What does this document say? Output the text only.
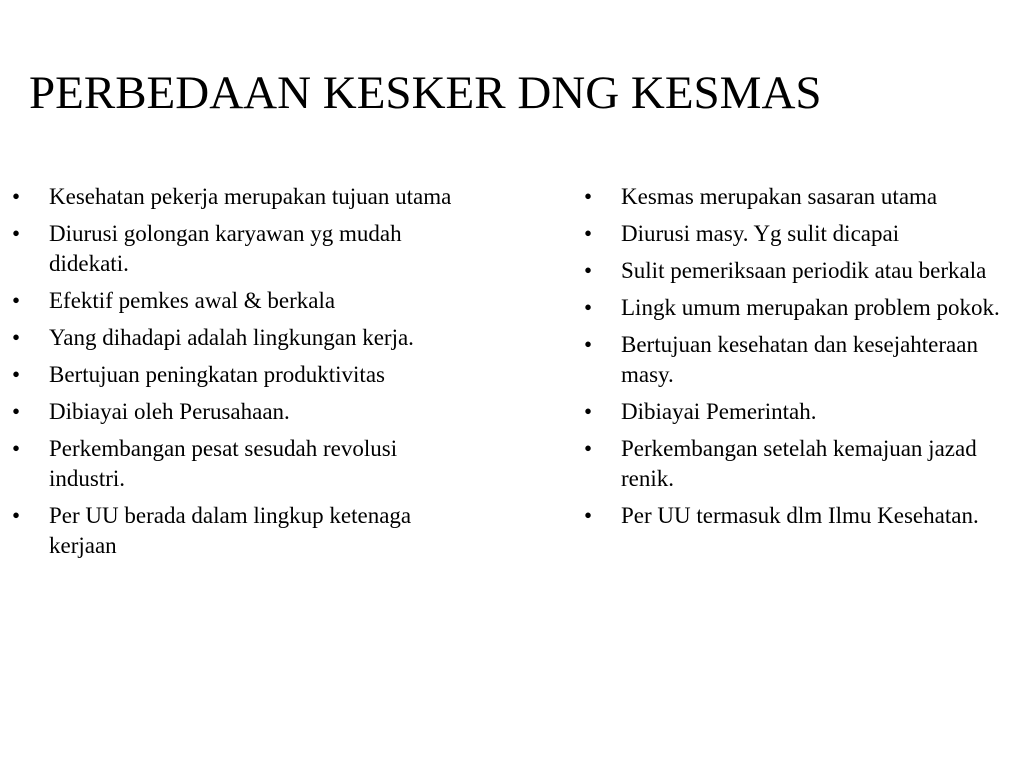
PERBEDAAN KESKER DNG KESMAS
• Kesehatan pekerja merupakan tujuan utama
• Diurusi golongan karyawan yg mudah didekati.
• Efektif pemkes awal & berkala
• Yang dihadapi adalah lingkungan kerja.
• Bertujuan peningkatan produktivitas
• Dibiayai oleh Perusahaan.
• Perkembangan pesat sesudah revolusi industri.
• Per UU berada dalam lingkup ketenaga kerjaan
• Kesmas merupakan sasaran utama
• Diurusi masy. Yg sulit dicapai
• Sulit pemeriksaan periodik atau berkala
• Lingk umum merupakan problem pokok.
• Bertujuan kesehatan dan kesejahteraan masy.
• Dibiayai Pemerintah.
• Perkembangan setelah kemajuan jazad renik.
• Per UU termasuk dlm Ilmu Kesehatan.
